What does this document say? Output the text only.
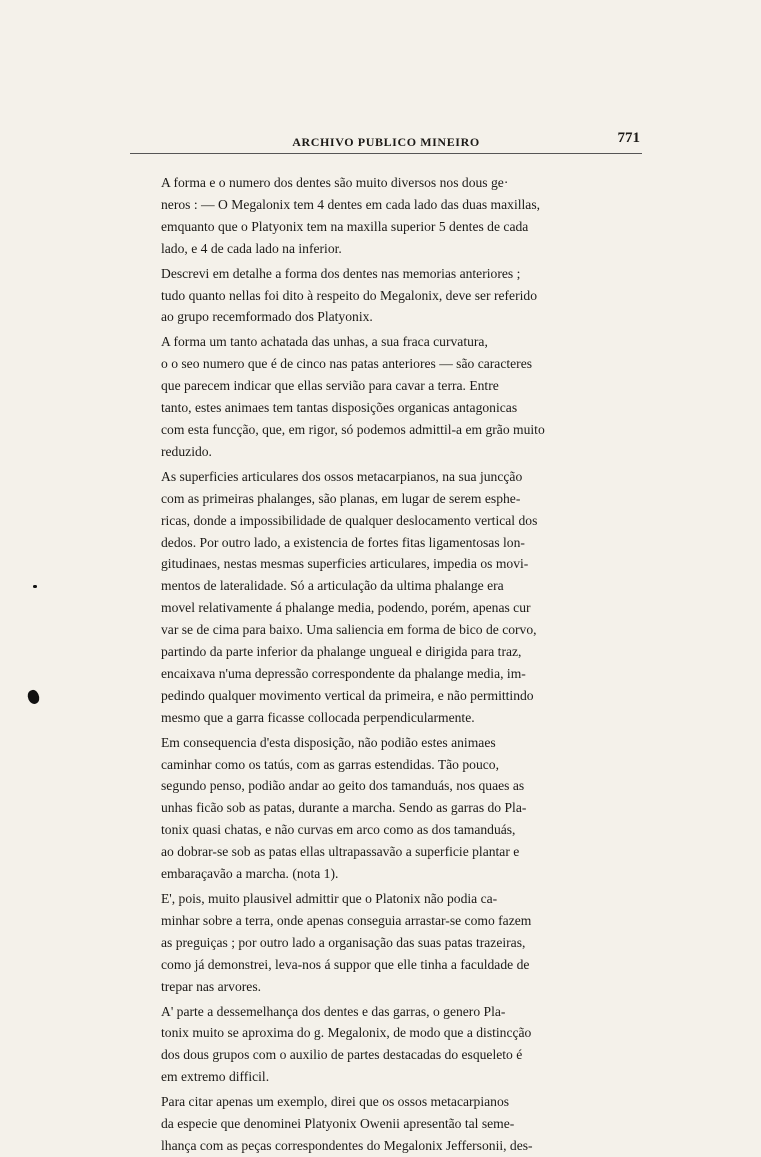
ARCHIVO PUBLICO MINEIRO	771

A forma e o numero dos dentes são muito diversos nos dous ge·
neros : — O Megalonix tem 4 dentes em cada lado das duas maxillas,
emquanto que o Platyonix tem na maxilla superior 5 dentes de cada
lado, e 4 de cada lado na inferior.

Descrevi em detalhe a forma dos dentes nas memorias anteriores ;
tudo quanto nellas foi dito à respeito do Megalonix, deve ser referido
ao grupo recemformado dos Platyonix.

A forma um tanto achatada das unhas, a sua fraca curvatura,
o o seo numero que é de cinco nas patas anteriores — são caracteres
que parecem indicar que ellas servião para cavar a terra. Entre
tanto, estes animaes tem tantas disposições organicas antagonicas
com esta funcção, que, em rigor, só podemos admittil-a em grão muito
reduzido.

As superficies articulares dos ossos metacarpianos, na sua juncção
com as primeiras phalanges, são planas, em lugar de serem esphe-
ricas, donde a impossibilidade de qualquer deslocamento vertical dos
dedos. Por outro lado, a existencia de fortes fitas ligamentosas lon-
gitudinaes, nestas mesmas superficies articulares, impedia os movi-
mentos de lateralidade. Só a articulação da ultima phalange era
movel relativamente á phalange media, podendo, porém, apenas cur
var se de cima para baixo. Uma saliencia em forma de bico de corvo,
partindo da parte inferior da phalange ungueal e dirigida para traz,
encaixava n'uma depressão correspondente da phalange media, im-
pedindo qualquer movimento vertical da primeira, e não permittindo
mesmo que a garra ficasse collocada perpendicularmente.

Em consequencia d'esta disposição, não podião estes animaes
caminhar como os tatús, com as garras estendidas. Tão pouco,
segundo penso, podião andar ao geito dos tamanduás, nos quaes as
unhas ficão sob as patas, durante a marcha. Sendo as garras do Pla-
tonix quasi chatas, e não curvas em arco como as dos tamanduás,
ao dobrar-se sob as patas ellas ultrapassavão a superficie plantar e
embaraçavão a marcha. (nota 1).

E', pois, muito plausivel admittir que o Platonix não podia ca-
minhar sobre a terra, onde apenas conseguia arrastar-se como fazem
as preguiças ; por outro lado a organisação das suas patas trazeiras,
como já demonstrei, leva-nos á suppor que elle tinha a faculdade de
trepar nas arvores.

A' parte a dessemelhança dos dentes e das garras, o genero Pla-
tonix muito se aproxima do g. Megalonix, de modo que a distincção
dos dous grupos com o auxilio de partes destacadas do esqueleto é
em extremo difficil.

Para citar apenas um exemplo, direi que os ossos metacarpianos
da especie que denominei Platyonix Owenii apresentão tal seme-
lhança com as peças correspondentes do Megalonix Jeffersonii, des-
